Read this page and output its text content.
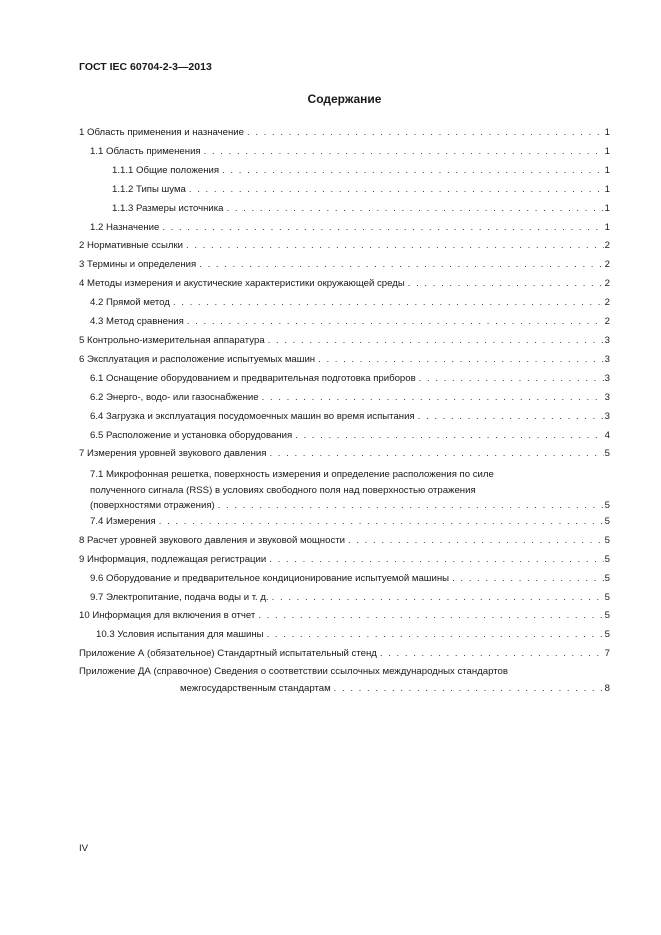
ГОСТ IEC 60704-2-3—2013
Содержание
1 Область применения и назначение . . .	1
1.1 Область применения . . .	1
1.1.1 Общие положения . . .	1
1.1.2 Типы шума . . .	1
1.1.3 Размеры источника . . .	1
1.2 Назначение . . .	1
2 Нормативные ссылки . . .	2
3 Термины и определения . . .	2
4 Методы измерения и акустические характеристики окружающей среды . . .	2
4.2 Прямой метод . . .	2
4.3 Метод сравнения . . .	2
5 Контрольно-измерительная аппаратура . . .	3
6 Эксплуатация и расположение испытуемых машин . . .	3
6.1 Оснащение оборудованием и предварительная подготовка приборов . . .	3
6.2 Энерго-, водо- или газоснабжение . . .	3
6.4 Загрузка и эксплуатация посудомоечных машин во время испытания . . .	3
6.5 Расположение и установка оборудования . . .	4
7 Измерения уровней звукового давления . . .	5
7.1 Микрофонная решетка, поверхность измерения и определение расположения по силе
полученного сигнала (RSS) в условиях свободного поля над поверхностью отражения
(поверхностями отражения) . . .	5
7.4 Измерения . . .	5
8 Расчет уровней звукового давления и звуковой мощности . . .	5
9 Информация, подлежащая регистрации . . .	5
9.6 Оборудование и предварительное кондиционирование испытуемой машины . . .	5
9.7 Электропитание, подача воды и т. д. . . .	5
10 Информация для включения в отчет . . .	5
10.3 Условия испытания для машины . . .	5
Приложение А (обязательное) Стандартный испытательный стенд . . .	7
Приложение ДА (справочное) Сведения о соответствии ссылочных международных стандартов
межгосударственным стандартам . . .	8
IV
